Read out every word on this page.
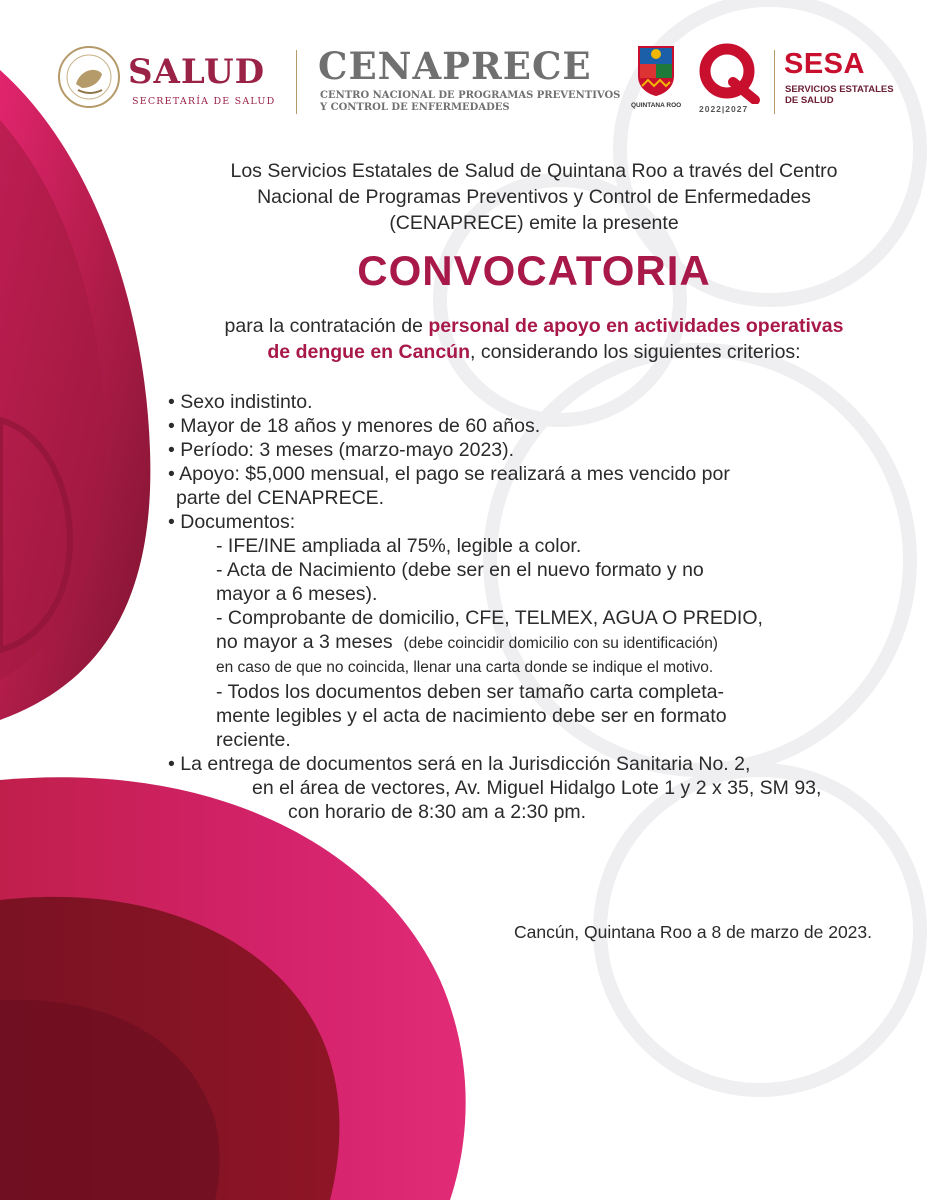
SALUD
SECRETARÍA DE SALUD
CENAPRECE
CENTRO NACIONAL DE PROGRAMAS PREVENTIVOS
Y CONTROL DE ENFERMEDADES	QUINTANA ROO 2022|2027
SESA
SERVICIOS ESTATALES
DE SALUD
Los Servicios Estatales de Salud de Quintana Roo a través del Centro
Nacional de Programas Preventivos y Control de Enfermedades
(CENAPRECE) emite la presente
CONVOCATORIA
para la contratación de personal de apoyo en actividades operativas
de dengue en Cancún, considerando los siguientes criterios:
• Sexo indistinto.
• Mayor de 18 años y menores de 60 años.
• Período: 3 meses (marzo-mayo 2023).
• Apoyo: $5,000 mensual, el pago se realizará a mes vencido por
parte del CENAPRECE.
• Documentos:
- IFE/INE ampliada al 75%, legible a color.
- Acta de Nacimiento (debe ser en el nuevo formato y no
mayor a 6 meses).
- Comprobante de domicilio, CFE, TELMEX, AGUA O PREDIO,
no mayor a 3 meses (debe coincidir domicilio con su identificación)
en caso de que no coincida, llenar una carta donde se indique el motivo.
- Todos los documentos deben ser tamaño carta completa-
mente legibles y el acta de nacimiento debe ser en formato
reciente.
• La entrega de documentos será en la Jurisdicción Sanitaria No. 2,
en el área de vectores, Av. Miguel Hidalgo Lote 1 y 2 x 35, SM 93,
con horario de 8:30 am a 2:30 pm.
Cancún, Quintana Roo a 8 de marzo de 2023.
